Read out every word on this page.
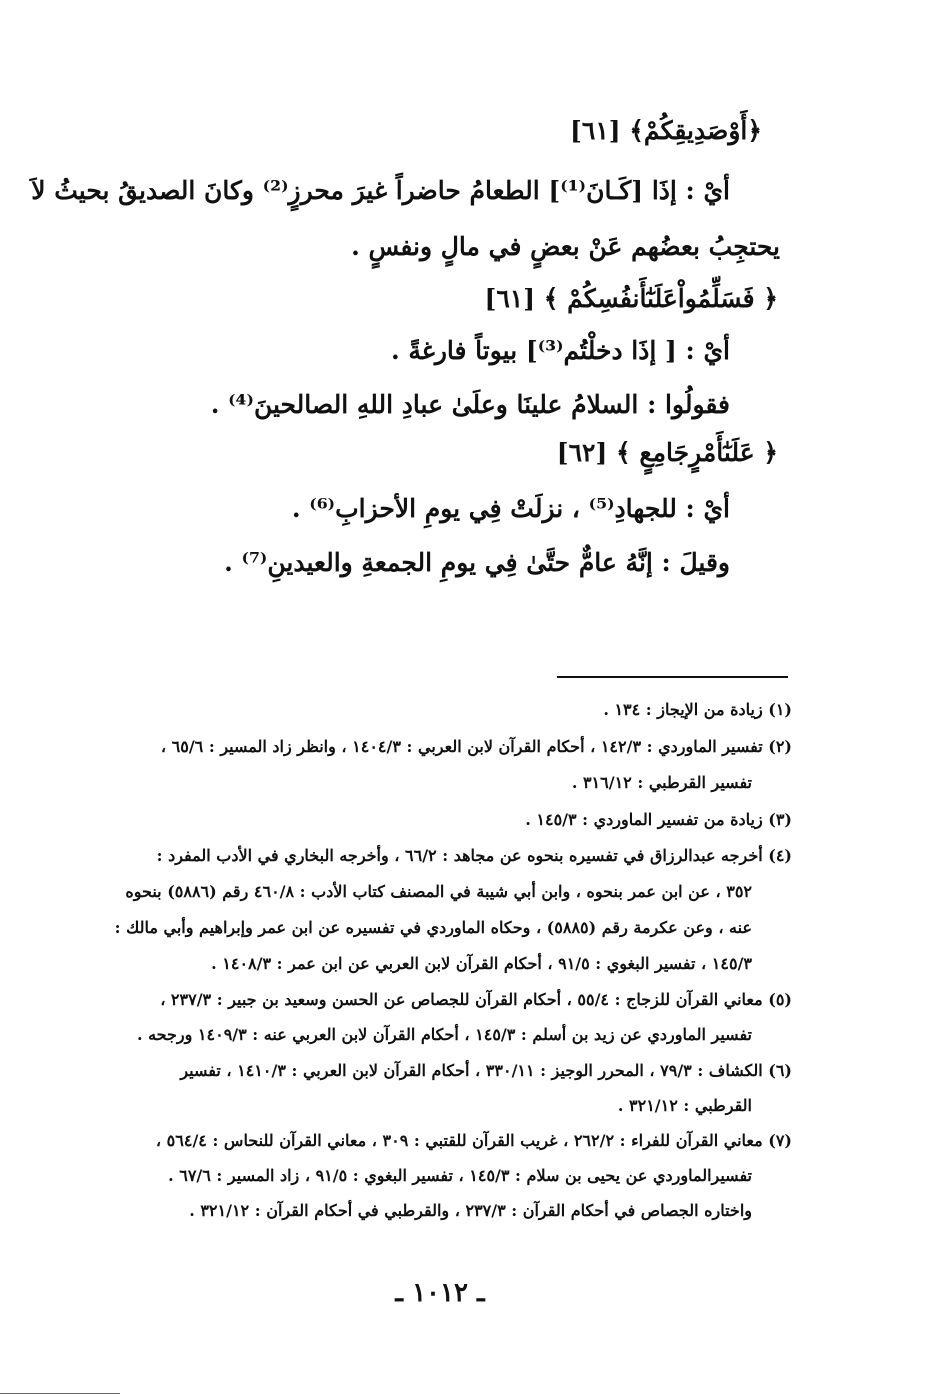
﴿أَوْصَدِيقِكُمْ﴾ [٦١]
أيْ : إذَا [كَـانَ⁽¹⁾] الطعامُ حاضراً غيرَ محرزٍ⁽²⁾ وكانَ الصديقُ بحيثُ لاَ
يحتجِبُ بعضُهم عَنْ بعضٍ في مالٍ ونفسٍ .
﴿ فَسَلِّمُواْعَلَىٰٓأَنفُسِكُمْ ﴾ [٦١]
أيْ : [ إذَا دخلْتُم⁽³⁾] بيوتاً فارغةً .
فقولُوا : السلامُ علينَا وعلَىٰ عبادِ اللهِ الصالحينَ⁽⁴⁾ .
﴿ عَلَىٰٓأَمْرٍجَامِعٍ ﴾ [٦٢]
أيْ : للجهادِ⁽⁵⁾ ، نزلَتْ فِي يومِ الأحزابِ⁽⁶⁾ .
وقيلَ : إنَّهُ عامٌّ حتَّىٰ فِي يومِ الجمعةِ والعيدينِ⁽⁷⁾ .
(١) زيادة من الإيجاز : ١٣٤ .
(٢) تفسير الماوردي : ١٤٢/٣ ، أحكام القرآن لابن العربي : ١٤٠٤/٣ ، وانظر زاد المسير : ٦٥/٦ ،
تفسير القرطبي : ٣١٦/١٢ .
(٣) زيادة من تفسير الماوردي : ١٤٥/٣ .
(٤) أخرجه عبدالرزاق في تفسيره بنحوه عن مجاهد : ٦٦/٢ ، وأخرجه البخاري في الأدب المفرد :
٣٥٢ ، عن ابن عمر بنحوه ، وابن أبي شيبة في المصنف كتاب الأدب : ٤٦٠/٨ رقم (٥٨٨٦) بنحوه
عنه ، وعن عكرمة رقم (٥٨٨٥) ، وحكاه الماوردي في تفسيره عن ابن عمر وإبراهيم وأبي مالك :
١٤٥/٣ ، تفسير البغوي : ٩١/٥ ، أحكام القرآن لابن العربي عن ابن عمر : ١٤٠٨/٣ .
(٥) معاني القرآن للزجاج : ٥٥/٤ ، أحكام القرآن للجصاص عن الحسن وسعيد بن جبير : ٢٣٧/٣ ،
تفسير الماوردي عن زيد بن أسلم : ١٤٥/٣ ، أحكام القرآن لابن العربي عنه : ١٤٠٩/٣ ورجحه .
(٦) الكشاف : ٧٩/٣ ، المحرر الوجيز : ٣٣٠/١١ ، أحكام القرآن لابن العربي : ١٤١٠/٣ ، تفسير
القرطبي : ٣٢١/١٢ .
(٧) معاني القرآن للفراء : ٢٦٢/٢ ، غريب القرآن للقتبي : ٣٠٩ ، معاني القرآن للنحاس : ٥٦٤/٤ ،
تفسيرالماوردي عن يحيى بن سلام : ١٤٥/٣ ، تفسير البغوي : ٩١/٥ ، زاد المسير : ٦٧/٦ .
واختاره الجصاص في أحكام القرآن : ٢٣٧/٣ ، والقرطبي في أحكام القرآن : ٣٢١/١٢ .
ـ ١٠١٢ ـ
